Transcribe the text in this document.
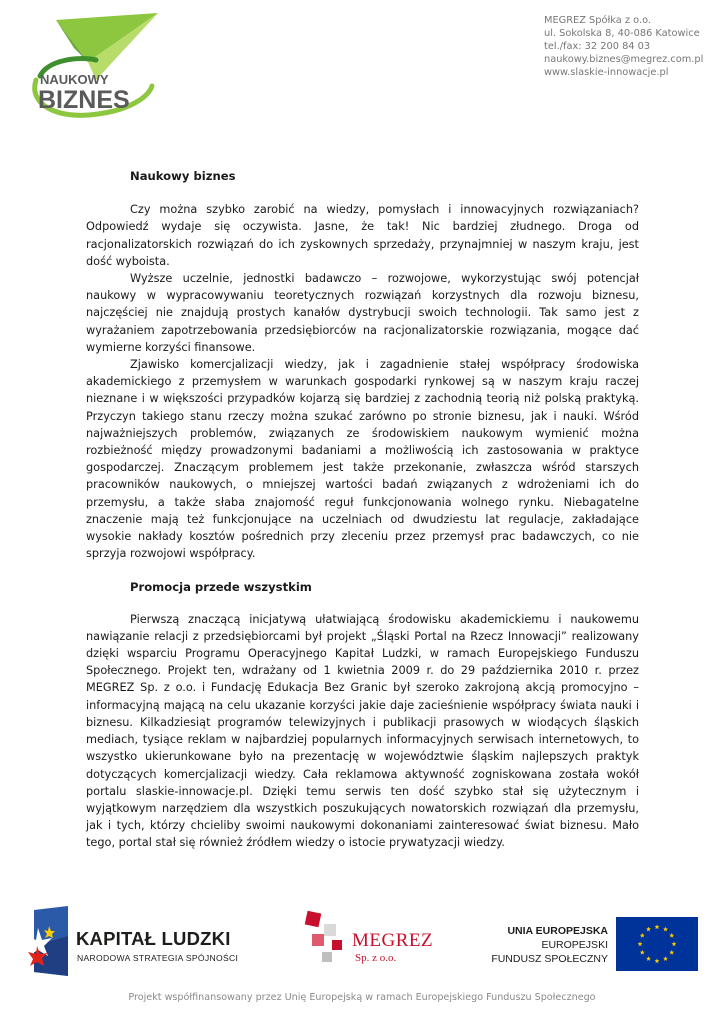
NAUKOWY
BIZNES
MEGREZ Spółka z o.o.
ul. Sokolska 8, 40-086 Katowice
tel./fax: 32 200 84 03
naukowy.biznes@megrez.com.pl
www.slaskie-innowacje.pl
Naukowy biznes

Czy można szybko zarobić na wiedzy, pomysłach i innowacyjnych rozwiązaniach? Odpowiedź wydaje się oczywista. Jasne, że tak! Nic bardziej złudnego. Droga od racjonalizatorskich rozwiązań do ich zyskownych sprzedaży, przynajmniej w naszym kraju, jest dość wyboista.

Wyższe uczelnie, jednostki badawczo – rozwojowe, wykorzystując swój potencjał naukowy w wypracowywaniu teoretycznych rozwiązań korzystnych dla rozwoju biznesu, najczęściej nie znajdują prostych kanałów dystrybucji swoich technologii. Tak samo jest z wyrażaniem zapotrzebowania przedsiębiorców na racjonalizatorskie rozwiązania, mogące dać wymierne korzyści finansowe.

Zjawisko komercjalizacji wiedzy, jak i zagadnienie stałej współpracy środowiska akademickiego z przemysłem w warunkach gospodarki rynkowej są w naszym kraju raczej nieznane i w większości przypadków kojarzą się bardziej z zachodnią teorią niż polską praktyką. Przyczyn takiego stanu rzeczy można szukać zarówno po stronie biznesu, jak i nauki. Wśród najważniejszych problemów, związanych ze środowiskiem naukowym wymienić można rozbieżność między prowadzonymi badaniami a możliwością ich zastosowania w praktyce gospodarczej. Znaczącym problemem jest także przekonanie, zwłaszcza wśród starszych pracowników naukowych, o mniejszej wartości badań związanych z wdrożeniami ich do przemysłu, a także słaba znajomość reguł funkcjonowania wolnego rynku. Niebagatelne znaczenie mają też funkcjonujące na uczelniach od dwudziestu lat regulacje, zakładające wysokie nakłady kosztów pośrednich przy zleceniu przez przemysł prac badawczych, co nie sprzyja rozwojowi współpracy.

Promocja przede wszystkim

Pierwszą znaczącą inicjatywą ułatwiającą środowisku akademickiemu i naukowemu nawiązanie relacji z przedsiębiorcami był projekt „Śląski Portal na Rzecz Innowacji” realizowany dzięki wsparciu Programu Operacyjnego Kapitał Ludzki, w ramach Europejskiego Funduszu Społecznego. Projekt ten, wdrażany od 1 kwietnia 2009 r. do 29 października 2010 r. przez MEGREZ Sp. z o.o. i Fundację Edukacja Bez Granic był szeroko zakrojoną akcją promocyjno – informacyjną mającą na celu ukazanie korzyści jakie daje zacieśnienie współpracy świata nauki i biznesu. Kilkadziesiąt programów telewizyjnych i publikacji prasowych w wiodących śląskich mediach, tysiące reklam w najbardziej popularnych informacyjnych serwisach internetowych, to wszystko ukierunkowane było na prezentację w województwie śląskim najlepszych praktyk dotyczących komercjalizacji wiedzy. Cała reklamowa aktywność zogniskowana została wokół portalu slaskie-innowacje.pl. Dzięki temu serwis ten dość szybko stał się użytecznym i wyjątkowym narzędziem dla wszystkich poszukujących nowatorskich rozwiązań dla przemysłu, jak i tych, którzy chcieliby swoimi naukowymi dokonaniami zainteresować świat biznesu. Mało tego, portal stał się również źródłem wiedzy o istocie prywatyzacji wiedzy.

KAPITAŁ LUDZKI
NARODOWA STRATEGIA SPÓJNOŚCI
MEGREZ
Sp. z o.o.
UNIA EUROPEJSKA
EUROPEJSKI
FUNDUSZ SPOŁECZNY
Projekt współfinansowany przez Unię Europejską w ramach Europejskiego Funduszu Społecznego
